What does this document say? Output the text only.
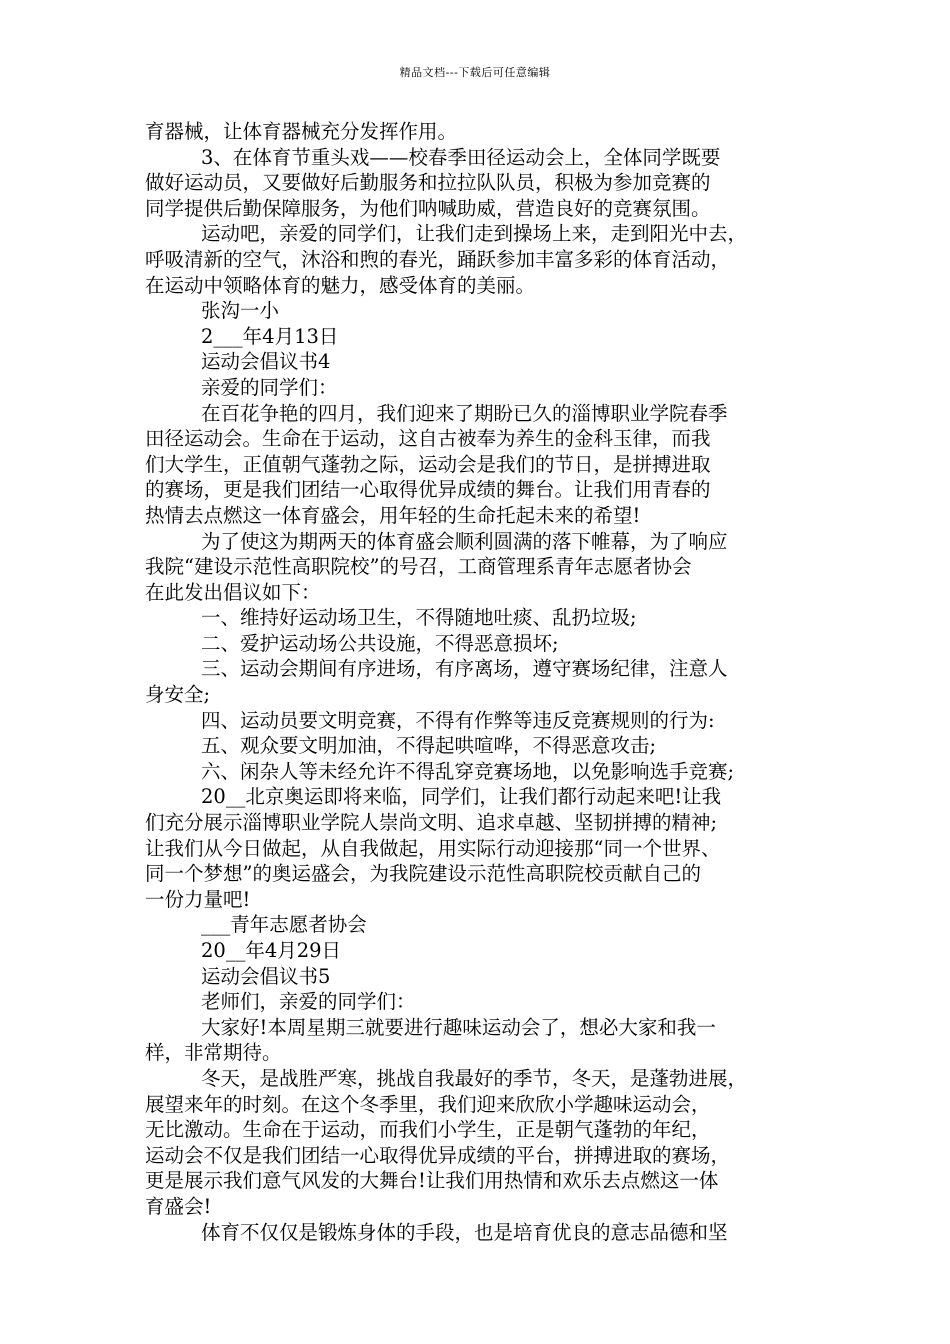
精品文档---下载后可任意编辑
育器械，让体育器械充分发挥作用。
3、在体育节重头戏——校春季田径运动会上，全体同学既要
做好运动员，又要做好后勤服务和拉拉队队员，积极为参加竞赛的
同学提供后勤保障服务，为他们呐喊助威，营造良好的竞赛氛围。
运动吧，亲爱的同学们，让我们走到操场上来，走到阳光中去，
呼吸清新的空气，沐浴和煦的春光，踊跃参加丰富多彩的体育活动，
在运动中领略体育的魅力，感受体育的美丽。
张沟一小
2___年4月13日
运动会倡议书4
亲爱的同学们：
在百花争艳的四月，我们迎来了期盼已久的淄博职业学院春季
田径运动会。生命在于运动，这自古被奉为养生的金科玉律，而我
们大学生，正值朝气蓬勃之际，运动会是我们的节日，是拼搏进取
的赛场，更是我们团结一心取得优异成绩的舞台。让我们用青春的
热情去点燃这一体育盛会，用年轻的生命托起未来的希望!
为了使这为期两天的体育盛会顺利圆满的落下帷幕，为了响应
我院“建设示范性高职院校”的号召，工商管理系青年志愿者协会
在此发出倡议如下：
一、维持好运动场卫生，不得随地吐痰、乱扔垃圾;
二、爱护运动场公共设施，不得恶意损坏;
三、运动会期间有序进场，有序离场，遵守赛场纪律，注意人
身安全;
四、运动员要文明竞赛，不得有作弊等违反竞赛规则的行为:
五、观众要文明加油，不得起哄喧哗，不得恶意攻击;
六、闲杂人等未经允许不得乱穿竞赛场地，以免影响选手竞赛;
20__北京奥运即将来临，同学们，让我们都行动起来吧!让我
们充分展示淄博职业学院人崇尚文明、追求卓越、坚韧拼搏的精神;
让我们从今日做起，从自我做起，用实际行动迎接那“同一个世界、
同一个梦想”的奥运盛会，为我院建设示范性高职院校贡献自己的
一份力量吧!
___青年志愿者协会
20__年4月29日
运动会倡议书5
老师们，亲爱的同学们：
大家好!本周星期三就要进行趣味运动会了，想必大家和我一
样，非常期待。
冬天，是战胜严寒，挑战自我最好的季节，冬天，是蓬勃进展，
展望来年的时刻。在这个冬季里，我们迎来欣欣小学趣味运动会，
无比激动。生命在于运动，而我们小学生，正是朝气蓬勃的年纪，
运动会不仅是我们团结一心取得优异成绩的平台，拼搏进取的赛场，
更是展示我们意气风发的大舞台!让我们用热情和欢乐去点燃这一体
育盛会!
体育不仅仅是锻炼身体的手段，也是培育优良的意志品德和坚
